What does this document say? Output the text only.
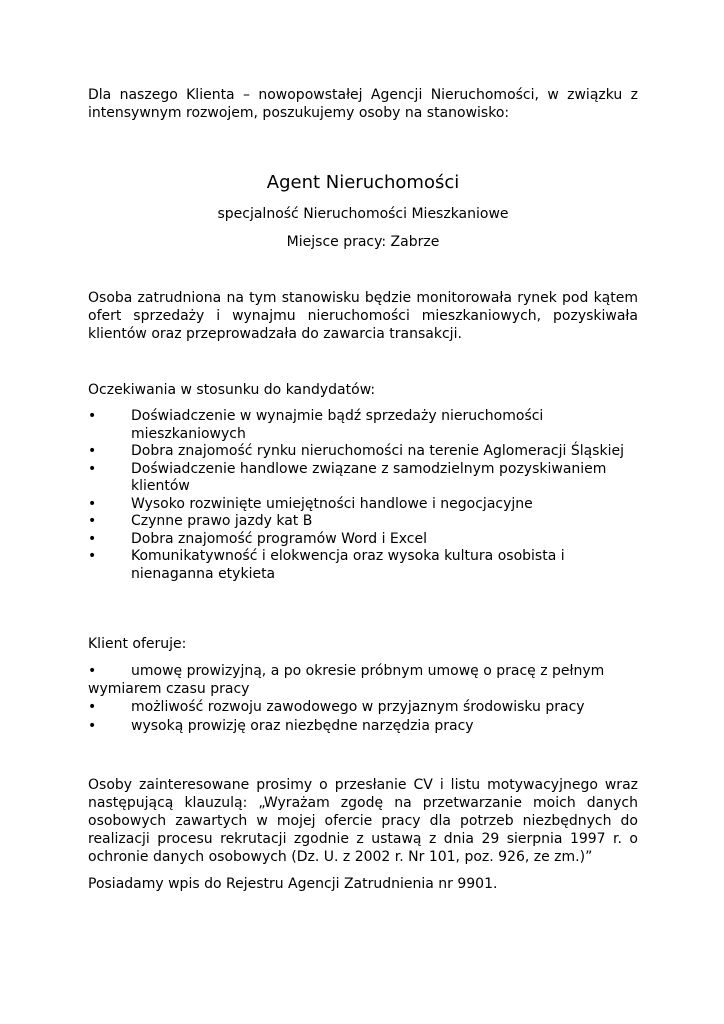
Dla naszego Klienta – nowopowstałej Agencji Nieruchomości, w związku z intensywnym rozwojem, poszukujemy osoby na stanowisko:

Agent Nieruchomości

specjalność Nieruchomości Mieszkaniowe

Miejsce pracy: Zabrze

Osoba zatrudniona na tym stanowisku będzie monitorowała rynek pod kątem ofert sprzedaży i wynajmu nieruchomości mieszkaniowych, pozyskiwała klientów oraz przeprowadzała do zawarcia transakcji.

Oczekiwania w stosunku do kandydatów:

• Doświadczenie w wynajmie bądź sprzedaży nieruchomości mieszkaniowych
• Dobra znajomość rynku nieruchomości na terenie Aglomeracji Śląskiej
• Doświadczenie handlowe związane z samodzielnym pozyskiwaniem klientów
• Wysoko rozwinięte umiejętności handlowe i negocjacyjne
• Czynne prawo jazdy kat B
• Dobra znajomość programów Word i Excel
• Komunikatywność i elokwencja oraz wysoka kultura osobista i nienaganna etykieta

Klient oferuje:

• umowę prowizyjną, a po okresie próbnym umowę o pracę z pełnym wymiarem czasu pracy

• możliwość rozwoju zawodowego w przyjaznym środowisku pracy
• wysoką prowizję oraz niezbędne narzędzia pracy

Osoby zainteresowane prosimy o przesłanie CV i listu motywacyjnego wraz następującą klauzulą: „Wyrażam zgodę na przetwarzanie moich danych osobowych zawartych w mojej ofercie pracy dla potrzeb niezbędnych do realizacji procesu rekrutacji zgodnie z ustawą z dnia 29 sierpnia 1997 r. o ochronie danych osobowych (Dz. U. z 2002 r. Nr 101, poz. 926, ze zm.)”

Posiadamy wpis do Rejestru Agencji Zatrudnienia nr 9901.
